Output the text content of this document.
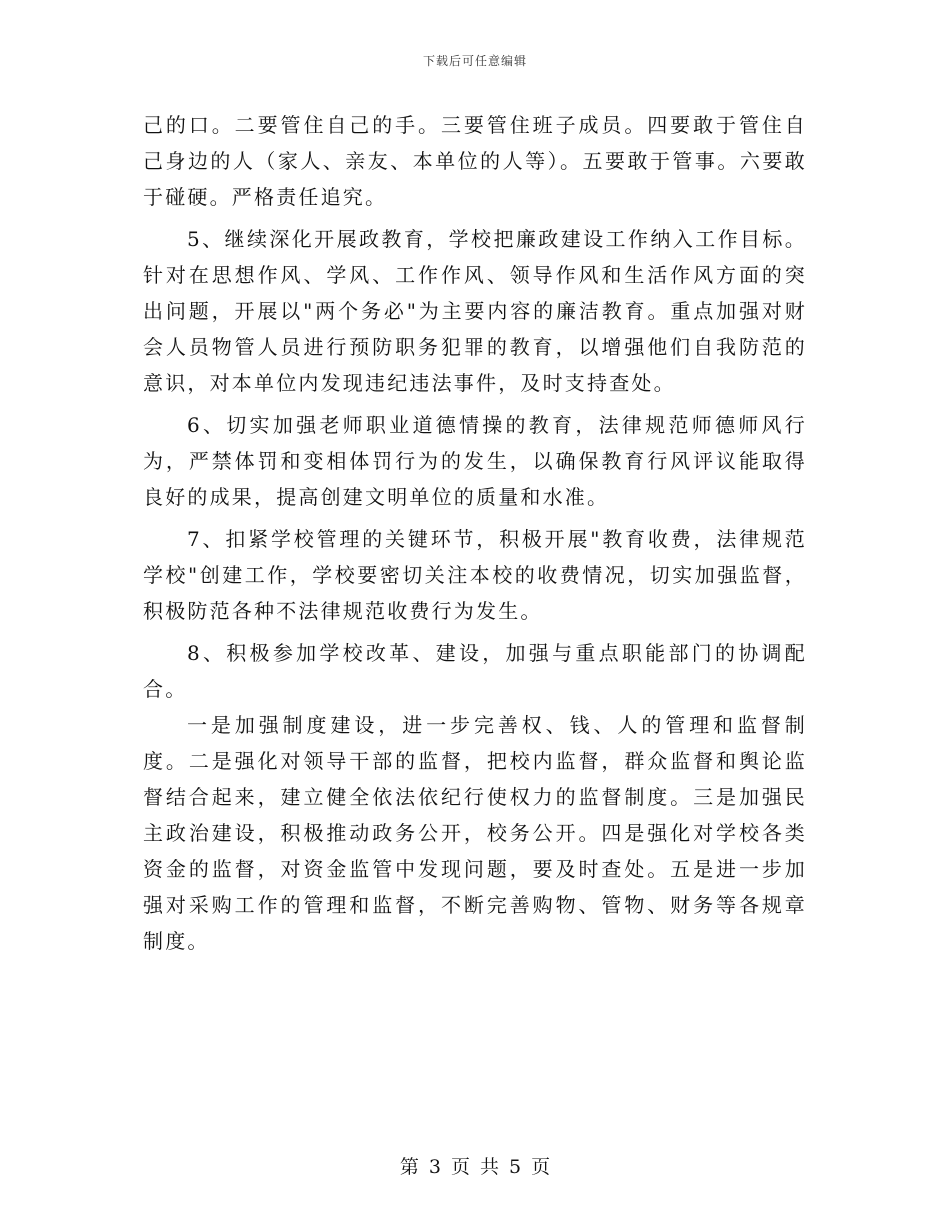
下载后可任意编辑

己的口。二要管住自己的手。三要管住班子成员。四要敢于管住自己身边的人（家人、亲友、本单位的人等）。五要敢于管事。六要敢于碰硬。严格责任追究。

5、继续深化开展政教育，学校把廉政建设工作纳入工作目标。针对在思想作风、学风、工作作风、领导作风和生活作风方面的突出问题，开展以"两个务必"为主要内容的廉洁教育。重点加强对财会人员物管人员进行预防职务犯罪的教育，以增强他们自我防范的意识，对本单位内发现违纪违法事件，及时支持查处。

6、切实加强老师职业道德情操的教育，法律规范师德师风行为，严禁体罚和变相体罚行为的发生，以确保教育行风评议能取得良好的成果，提高创建文明单位的质量和水准。

7、扣紧学校管理的关键环节，积极开展"教育收费，法律规范学校"创建工作，学校要密切关注本校的收费情况，切实加强监督，积极防范各种不法律规范收费行为发生。

8、积极参加学校改革、建设，加强与重点职能部门的协调配合。

一是加强制度建设，进一步完善权、钱、人的管理和监督制度。二是强化对领导干部的监督，把校内监督，群众监督和舆论监督结合起来，建立健全依法依纪行使权力的监督制度。三是加强民主政治建设，积极推动政务公开，校务公开。四是强化对学校各类资金的监督，对资金监管中发现问题，要及时查处。五是进一步加强对采购工作的管理和监督，不断完善购物、管物、财务等各规章制度。

第 3 页 共 5 页
